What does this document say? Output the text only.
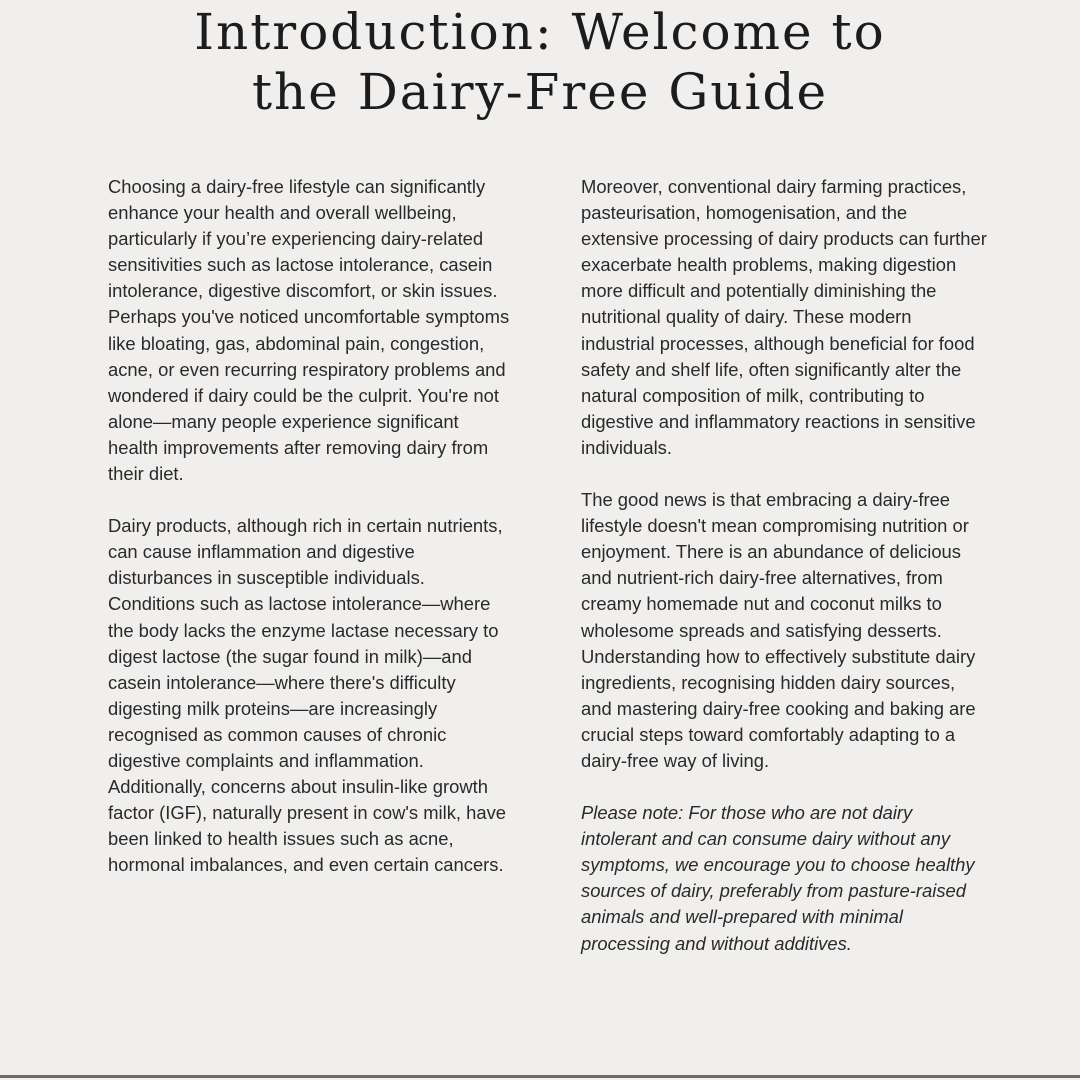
Introduction: Welcome to
the Dairy-Free Guide

Choosing a dairy-free lifestyle can significantly enhance your health and overall wellbeing, particularly if you’re experiencing dairy-related sensitivities such as lactose intolerance, casein intolerance, digestive discomfort, or skin issues. Perhaps you've noticed uncomfortable symptoms like bloating, gas, abdominal pain, congestion, acne, or even recurring respiratory problems and wondered if dairy could be the culprit. You're not alone—many people experience significant health improvements after removing dairy from their diet.

Dairy products, although rich in certain nutrients, can cause inflammation and digestive disturbances in susceptible individuals. Conditions such as lactose intolerance—where the body lacks the enzyme lactase necessary to digest lactose (the sugar found in milk)—and casein intolerance—where there's difficulty digesting milk proteins—are increasingly recognised as common causes of chronic digestive complaints and inflammation. Additionally, concerns about insulin-like growth factor (IGF), naturally present in cow's milk, have been linked to health issues such as acne, hormonal imbalances, and even certain cancers.

Moreover, conventional dairy farming practices, pasteurisation, homogenisation, and the extensive processing of dairy products can further exacerbate health problems, making digestion more difficult and potentially diminishing the nutritional quality of dairy. These modern industrial processes, although beneficial for food safety and shelf life, often significantly alter the natural composition of milk, contributing to digestive and inflammatory reactions in sensitive individuals.

The good news is that embracing a dairy-free lifestyle doesn't mean compromising nutrition or enjoyment. There is an abundance of delicious and nutrient-rich dairy-free alternatives, from creamy homemade nut and coconut milks to wholesome spreads and satisfying desserts. Understanding how to effectively substitute dairy ingredients, recognising hidden dairy sources, and mastering dairy-free cooking and baking are crucial steps toward comfortably adapting to a dairy-free way of living.

Please note: For those who are not dairy intolerant and can consume dairy without any symptoms, we encourage you to choose healthy sources of dairy, preferably from pasture-raised animals and well-prepared with minimal processing and without additives.
